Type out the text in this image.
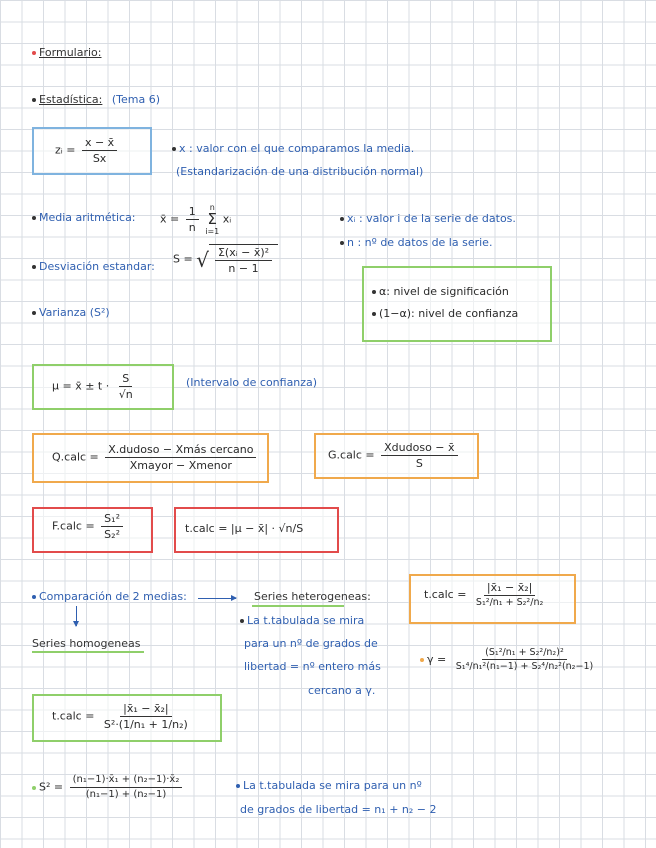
Formulario:
Estadística: (Tema 6)
zᵢ = $\frac{x - x̄}{Sx}$	x : valor con el que comparamos la media.
(Estandarización de una distribución normal)
Media aritmética: x̄ = $\frac{1}{n}$
n
Σ
i=1
xᵢ	xᵢ : valor i de la serie de datos.
n : nº de datos de la serie.
Desviación estandar:
S = √ $\frac{\text{Σ(xᵢ − x̄)²}}{n - 1}$
α: nivel de significación
(1−α): nivel de confianza
Varianza (S²)
μ = x̄ ± $t \cdot \frac{S}{√n}$	(Intervalo de confianza)
Q.calc = $\frac{\text{X.dudoso − Xmás cercano}}{\text{Xmayor − Xmenor}}$	G.calc = $\frac{\text{Xdudoso − x̄}}{S}$
F.calc = $\frac{\text{S₁²}}{\text{S₂²}}$	t.calc = |μ − x̄| · √n/S
Comparación de 2 medias:	Series heterogeneas:
Series homogeneas
La t.tabulada se mira
para un nº de grados de
libertad = nº entero más
cercano a γ.
t.calc = $\frac{\text{|x̄₁ − x̄₂|}}{\text{S₁²/n₁ + S₂²/n₂}}$
$\gamma = \frac{\text{(S₁²/n₁ + S₂²/n₂)²}}{\text{S₁⁴/n₁²(n₁−1) + S₂⁴/n₂²(n₂−1)}}$
t.calc = $\frac{\text{|x̄₁ − x̄₂|}}{\text{S²·(1/n₁ + 1/n₂)}}$
$S^2 = \frac{\text{(n₁−1)·x̄₁ + (n₂−1)·x̄₂}}{\text{(n₁−1) + (n₂−1)}}$	La t.tabulada se mira para un nº
de grados de libertad = n₁ + n₂ − 2
